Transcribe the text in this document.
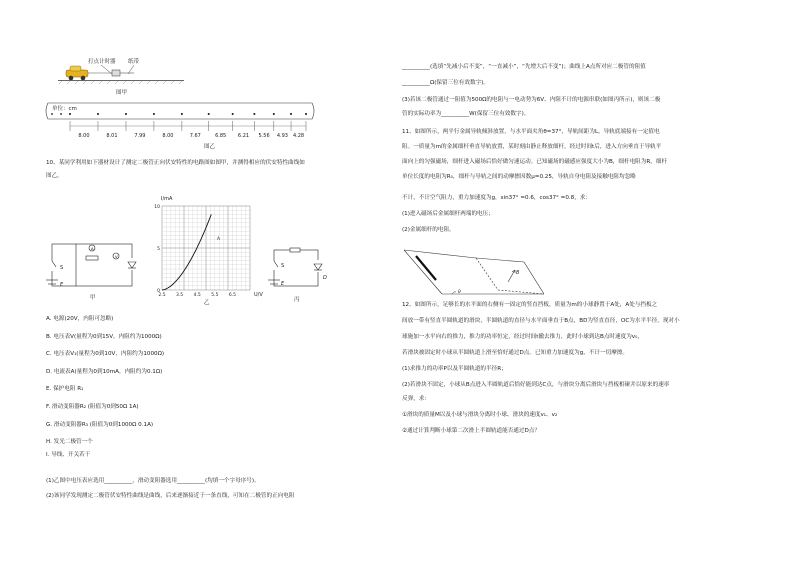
打点计时器 纸带
图甲
单位：cm
8.00	8.01	7.99	8.00	7.67	6.85 6.21 5.56 4.93 4.28
图乙
10、某同学利用如下器材设计了测定二极管正向伏安特性的电路图如图甲，并测得相应的伏安特性曲线如
图乙。
A
V
S
E
甲
I/mA
10
5
0
2.5 3.5 4.5 5.5 6.5
A
U/V
乙
S
E
D
丙
A. 电源(20V，内阻可忽略)
B. 电压表V(量程为0到15V，内阻约为1000Ω)
C. 电压表V₁(量程为0到10V，内阻约为1000Ω)
D. 电流表A(量程为0到10mA，内阻约为0.1Ω)
E. 保护电阻 R₁
F. 滑动变阻器R₂ (阻值为0到50Ω 1A)
G. 滑动变阻器R₃ (阻值为0到1000Ω 0.1A)
H. 发光二极管一个
I. 导线、开关若干
(1)乙图中电压表应选用__________，滑动变阻器选用__________(均填一个字母序号)。
(2)该同学发现测定二极管伏安特性曲线是曲线，后来逐渐接近于一条直线，可知在二极管的正向电阻
__________(选填“先减小后不变”，“一直减小”，“先增大后不变”)；曲线上A点所对应二极管的阻值
__________Ω(保留三位有效数字)。
(3)若该二极管通过一阻值为500Ω的电阻与一电动势为6V、内阻不计的电源串联(如图丙所示)，则该二极
管的实际功率为__________W(保留三位有效数字)。
11、如图所示，两平行金属导轨倾斜放置，与水平面夹角θ=37°，导轨间距为L，导轨底端接有一定值电
阻。一质量为m的金属细杆垂直导轨放置，某时刻由静止释放细杆，经过时间t后，进入方向垂直于导轨平
面向上的匀强磁场，细杆进入磁场后恰好做匀速运动。已知磁场的磁感应强度大小为B，细杆电阻为R，细杆
单位长度的电阻为R₀，细杆与导轨之间的动摩擦因数μ=0.25，导轨自身电阻及接触电阻均忽略
不计，不计空气阻力，重力加速度为g，sin37° =0.6，cos37° =0.8，求：
(1)进入磁场后金属细杆两端的电压；
(2)金属细杆的电阻。
B
θ
12、如图所示，足够长的水平面的右侧有一固定的竖直挡板，质量为m的小球静置于A处，A处与挡板之
间放一带有竖直半圆轨道的滑块，半圆轨道的直径与水平面垂直于B点，BD为竖直直径，OC为水平半径。现对小
球施加一水平向右的推力，推力的功率恒定，经过时间t撤去推力，此时小球到达B点时速度为v₀，
若滑块被固定时小球从半圆轨道上滑至恰好通过D点。已知重力加速度为g，不计一切摩擦。
(1)求推力的功率P以及半圆轨道的半径R；
(2)若滑块不固定，小球从B点进入半圆轨道后恰好能到达C点，与滑块分离后滑块与挡板相碰并以原来的速率
反弹，求：
①滑块的质量M以及小球与滑块分离时小球、滑块的速度v₁、v₂
②通过计算判断小球第二次滑上半圆轨道能否通过D点？
